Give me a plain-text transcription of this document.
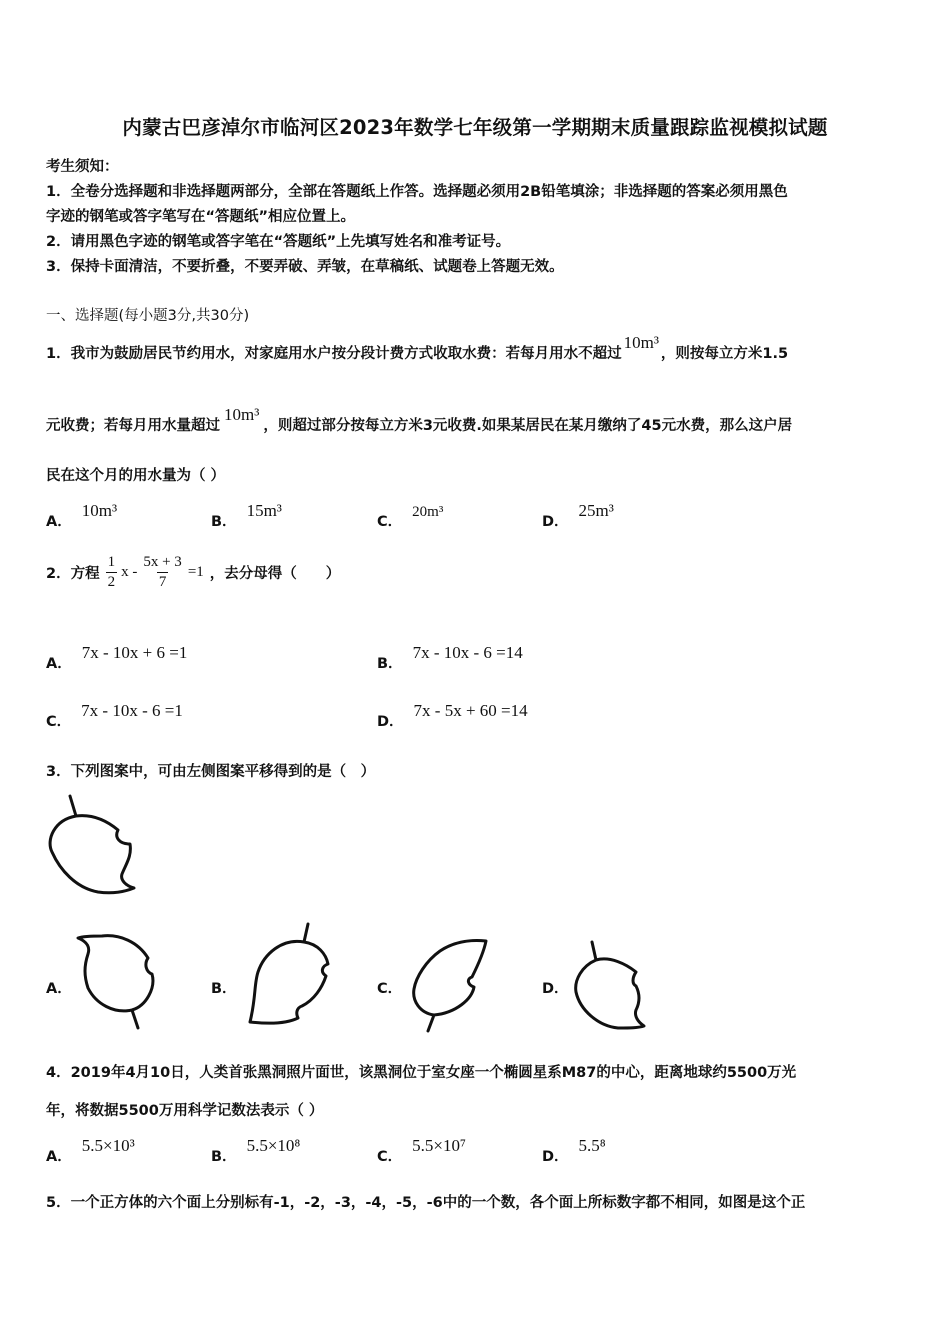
内蒙古巴彦淖尔市临河区2023年数学七年级第一学期期末质量跟踪监视模拟试题
考生须知：
1．全卷分选择题和非选择题两部分，全部在答题纸上作答。选择题必须用2B铅笔填涂；非选择题的答案必须用黑色
字迹的钢笔或答字笔写在“答题纸”相应位置上。
2．请用黑色字迹的钢笔或答字笔在“答题纸”上先填写姓名和准考证号。
3．保持卡面清洁，不要折叠，不要弄破、弄皱，在草稿纸、试题卷上答题无效。
一、选择题(每小题3分,共30分)
1．我市为鼓励居民节约用水，对家庭用水户按分段计费方式收取水费：若每月用水不超过10m³，则按每立方米1.5
元收费；若每月用水量超过10m³，则超过部分按每立方米3元收费.如果某居民在某月缴纳了45元水费，那么这户居
民在这个月的用水量为（ ）
A．10m³
B．15m³
C．20m³
D．25m³
2．方程 $\frac{1}{2}$ $x - \frac{5x + 3}{7} =1$ ，去分母得（　　）
A．7x - 10x + 6 =1
B．7x - 10x - 6 =14
C．7x - 10x - 6 =1
D．7x - 5x + 60 =14
3．下列图案中，可由左侧图案平移得到的是（　）
A．	B．	C．	D．
4．2019年4月10日，人类首张黑洞照片面世，该黑洞位于室女座一个椭圆星系M87的中心，距离地球约5500万光
年，将数据5500万用科学记数法表示（ ）
A．5.5×10³
B．5.5×10⁸
C．5.5×10⁷
D．5.5⁸
5．一个正方体的六个面上分别标有-1，-2，-3，-4，-5，-6中的一个数，各个面上所标数字都不相同，如图是这个正
